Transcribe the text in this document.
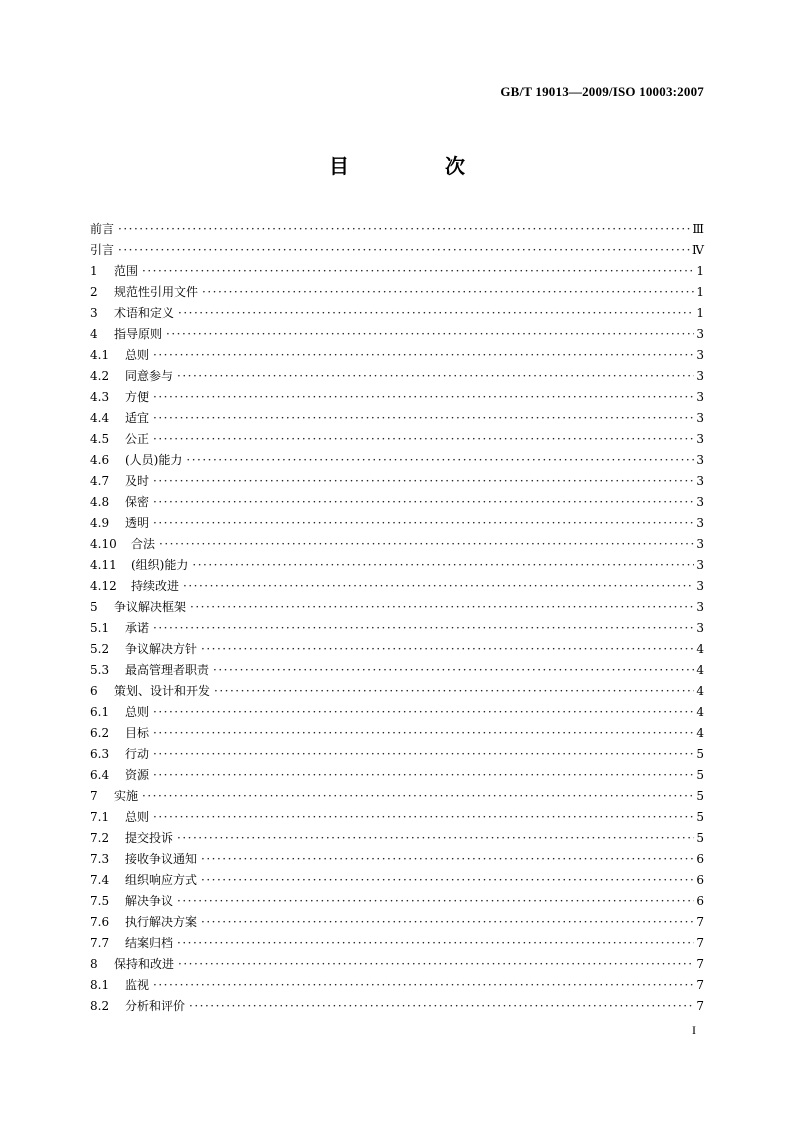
GB/T 19013—2009/ISO 10003:2007
目　次
前言 ·····	Ⅲ
引言 ·····	Ⅳ
1	范围 ·····	1
2	规范性引用文件 ·····	1
3	术语和定义 ·····	1
4	指导原则 ·····	3
4.1	总则 ·····	3
4.2	同意参与 ·····	3
4.3	方便 ·····	3
4.4	适宜 ·····	3
4.5	公正 ·····	3
4.6	(人员)能力 ·····	3
4.7	及时 ·····	3
4.8	保密 ·····	3
4.9	透明 ·····	3
4.10	合法 ·····	3
4.11	(组织)能力 ·····	3
4.12	持续改进 ·····	3
5	争议解决框架 ·····	3
5.1	承诺 ·····	3
5.2	争议解决方针 ·····	4
5.3	最高管理者职责 ·····	4
6	策划、设计和开发 ·····	4
6.1	总则 ·····	4
6.2	目标 ·····	4
6.3	行动 ·····	5
6.4	资源 ·····	5
7	实施 ·····	5
7.1	总则 ·····	5
7.2	提交投诉 ·····	5
7.3	接收争议通知 ·····	6
7.4	组织响应方式 ·····	6
7.5	解决争议 ·····	6
7.6	执行解决方案 ·····	7
7.7	结案归档 ·····	7
8	保持和改进 ·····	7
8.1	监视 ·····	7
8.2	分析和评价 ·····	7
I
